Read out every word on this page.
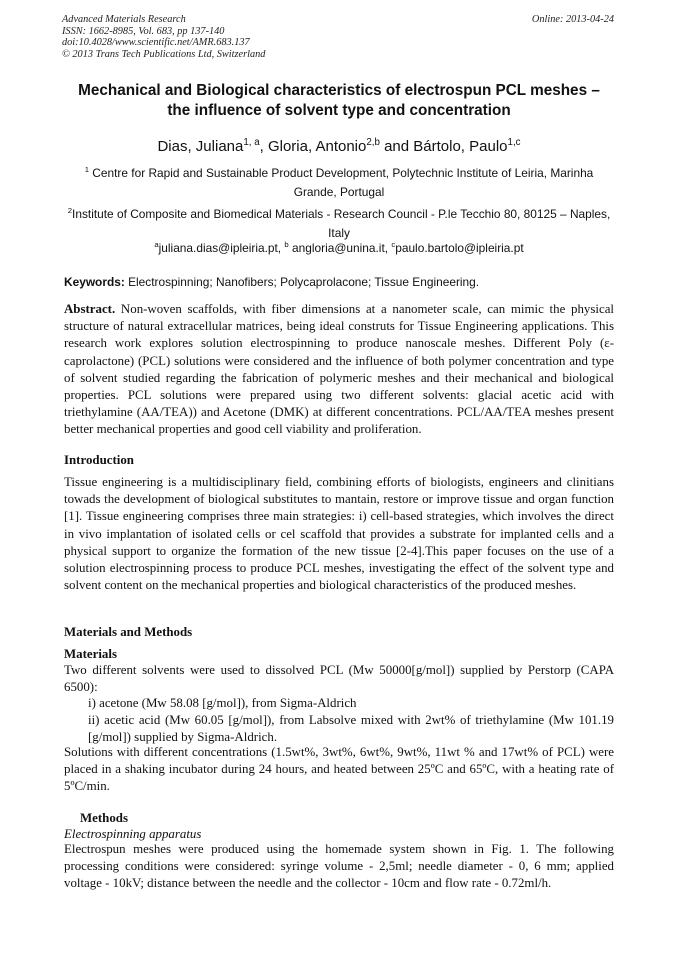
Advanced Materials Research
ISSN: 1662-8985, Vol. 683, pp 137-140
doi:10.4028/www.scientific.net/AMR.683.137
© 2013 Trans Tech Publications Ltd, Switzerland
Online: 2013-04-24
Mechanical and Biological characteristics of electrospun PCL meshes –
the influence of solvent type and concentration
Dias, Juliana$^{1, a}$, Gloria, Antonio$^{2,b}$ and Bártolo, Paulo$^{1,c}$
$^1$ Centre for Rapid and Sustainable Product Development, Polytechnic Institute of Leiria, Marinha Grande, Portugal
$^2$Institute of Composite and Biomedical Materials - Research Council - P.le Tecchio 80, 80125 – Naples, Italy
$^a$juliana.dias@ipleiria.pt, $^b$ angloria@unina.it, $^c$paulo.bartolo@ipleiria.pt
Keywords: Electrospinning; Nanofibers; Polycaprolacone; Tissue Engineering.
Abstract. Non-woven scaffolds, with fiber dimensions at a nanometer scale, can mimic the physical structure of natural extracellular matrices, being ideal construts for Tissue Engineering applications. This research work explores solution electrospinning to produce nanoscale meshes. Different Poly (ε-caprolactone) (PCL) solutions were considered and the influence of both polymer concentration and type of solvent studied regarding the fabrication of polymeric meshes and their mechanical and biological properties. PCL solutions were prepared using two different solvents: glacial acetic acid with triethylamine (AA/TEA)) and Acetone (DMK) at different concentrations. PCL/AA/TEA meshes present better mechanical properties and good cell viability and proliferation.
Introduction
Tissue engineering is a multidisciplinary field, combining efforts of biologists, engineers and clinitians towads the development of biological substitutes to mantain, restore or improve tissue and organ function [1]. Tissue engineering comprises three main strategies: i) cell-based strategies, which involves the direct in vivo implantation of isolated cells or cel scaffold that provides a substrate for implanted cells and a physical support to organize the formation of the new tissue [2-4].This paper focuses on the use of a solution electrospinning process to produce PCL meshes, investigating the effect of the solvent type and solvent content on the mechanical properties and biological characteristics of the produced meshes.
Materials and Methods
Materials
Two different solvents were used to dissolved PCL (Mw 50000[g/mol]) supplied by Perstorp (CAPA 6500):
i) acetone (Mw 58.08 [g/mol]), from Sigma-Aldrich
ii) acetic acid (Mw 60.05 [g/mol]), from Labsolve mixed with 2wt% of triethylamine (Mw 101.19 [g/mol]) supplied by Sigma-Aldrich.
Solutions with different concentrations (1.5wt%, 3wt%, 6wt%, 9wt%, 11wt % and 17wt% of PCL) were placed in a shaking incubator during 24 hours, and heated between 25ºC and 65ºC, with a heating rate of 5ºC/min.
Methods
Electrospinning apparatus
Electrospun meshes were produced using the homemade system shown in Fig. 1. The following processing conditions were considered: syringe volume - 2,5ml; needle diameter - 0, 6 mm; applied voltage - 10kV; distance between the needle and the collector - 10cm and flow rate - 0.72ml/h.
